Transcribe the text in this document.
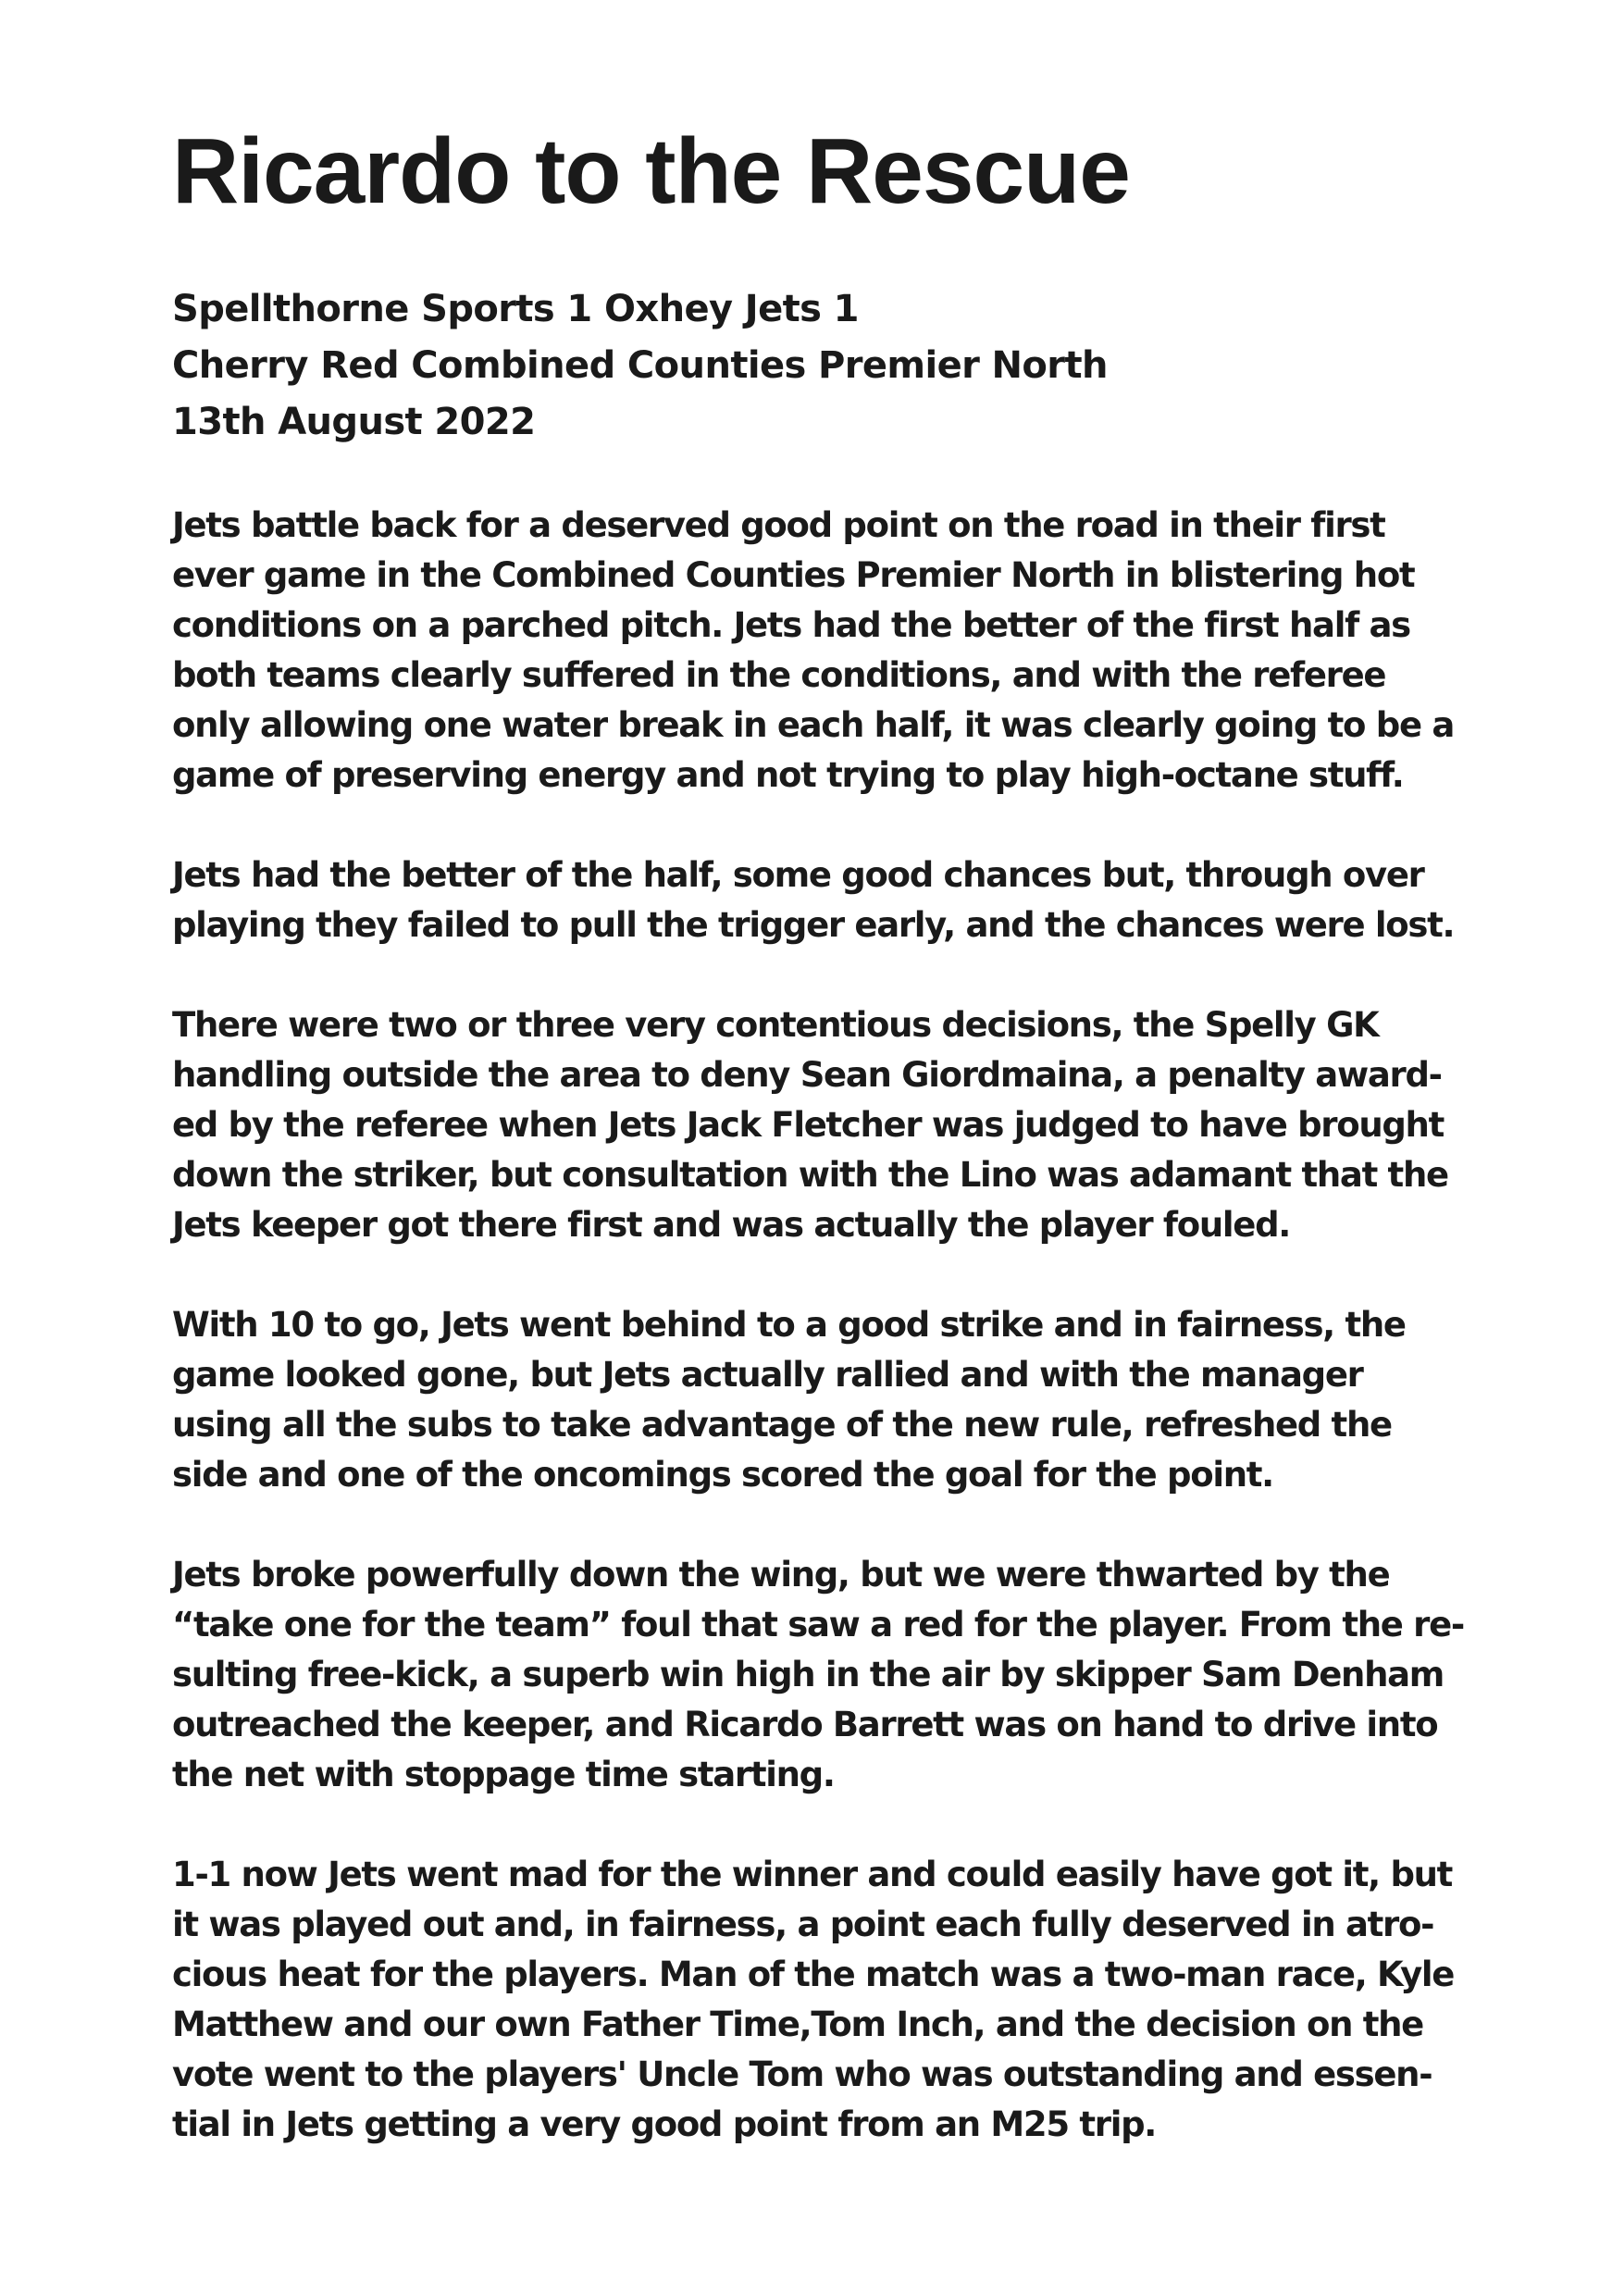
Ricardo to the Rescue
Spellthorne Sports 1 Oxhey Jets 1
Cherry Red Combined Counties Premier North
13th August 2022

Jets battle back for a deserved good point on the road in their first
ever game in the Combined Counties Premier North in blistering hot
conditions on a parched pitch. Jets had the better of the first half as
both teams clearly suffered in the conditions, and with the referee
only allowing one water break in each half, it was clearly going to be a
game of preserving energy and not trying to play high-octane stuff.

Jets had the better of the half, some good chances but, through over
playing they failed to pull the trigger early, and the chances were lost.

There were two or three very contentious decisions, the Spelly GK
handling outside the area to deny Sean Giordmaina, a penalty award-
ed by the referee when Jets Jack Fletcher was judged to have brought
down the striker, but consultation with the Lino was adamant that the
Jets keeper got there first and was actually the player fouled.

With 10 to go, Jets went behind to a good strike and in fairness, the
game looked gone, but Jets actually rallied and with the manager
using all the subs to take advantage of the new rule, refreshed the
side and one of the oncomings scored the goal for the point.

Jets broke powerfully down the wing, but we were thwarted by the
“take one for the team” foul that saw a red for the player. From the re-
sulting free-kick, a superb win high in the air by skipper Sam Denham
outreached the keeper, and Ricardo Barrett was on hand to drive into
the net with stoppage time starting.

1-1 now Jets went mad for the winner and could easily have got it, but
it was played out and, in fairness, a point each fully deserved in atro-
cious heat for the players. Man of the match was a two-man race, Kyle
Matthew and our own Father Time,Tom Inch, and the decision on the
vote went to the players' Uncle Tom who was outstanding and essen-
tial in Jets getting a very good point from an M25 trip.
